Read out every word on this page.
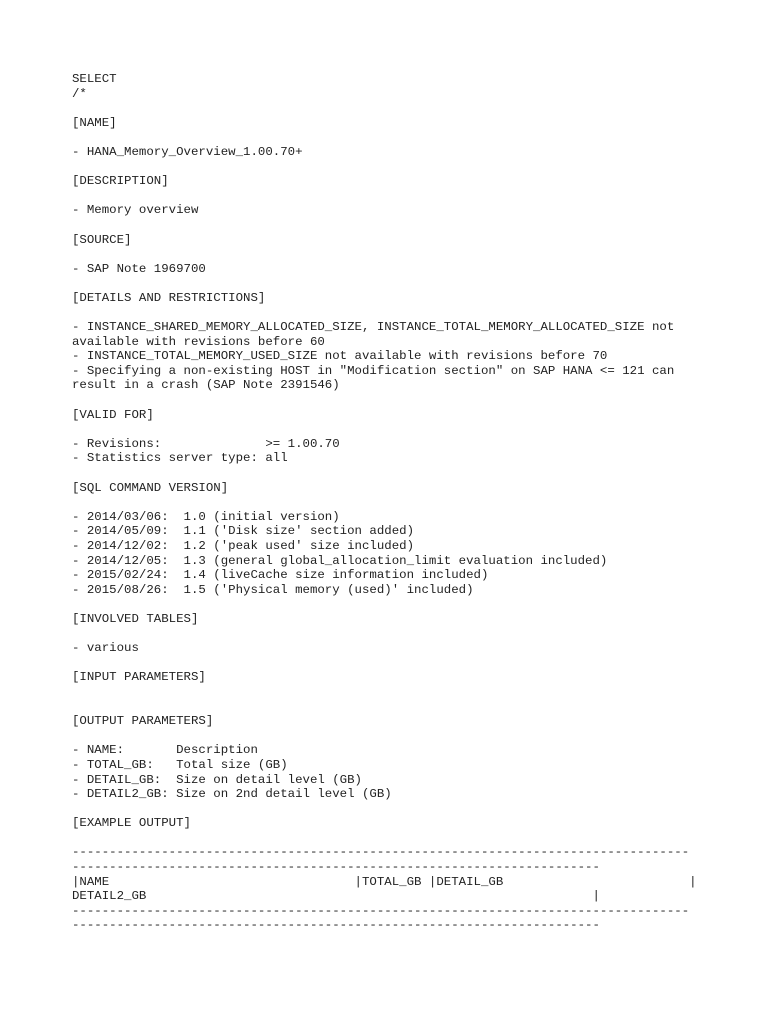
SELECT
/*
[NAME]
- HANA_Memory_Overview_1.00.70+
[DESCRIPTION]
- Memory overview
[SOURCE]
- SAP Note 1969700
[DETAILS AND RESTRICTIONS]
- INSTANCE_SHARED_MEMORY_ALLOCATED_SIZE, INSTANCE_TOTAL_MEMORY_ALLOCATED_SIZE not
available with revisions before 60
- INSTANCE_TOTAL_MEMORY_USED_SIZE not available with revisions before 70
- Specifying a non-existing HOST in "Modification section" on SAP HANA <= 121 can
result in a crash (SAP Note 2391546)
[VALID FOR]
- Revisions:              >= 1.00.70
- Statistics server type: all
[SQL COMMAND VERSION]
- 2014/03/06:  1.0 (initial version)
- 2014/05/09:  1.1 ('Disk size' section added)
- 2014/12/02:  1.2 ('peak used' size included)
- 2014/12/05:  1.3 (general global_allocation_limit evaluation included)
- 2015/02/24:  1.4 (liveCache size information included)
- 2015/08/26:  1.5 ('Physical memory (used)' included)
[INVOLVED TABLES]
- various
[INPUT PARAMETERS]
[OUTPUT PARAMETERS]
- NAME:       Description
- TOTAL_GB:   Total size (GB)
- DETAIL_GB:  Size on detail level (GB)
- DETAIL2_GB: Size on 2nd detail level (GB)
[EXAMPLE OUTPUT]
-----------------------------------------------------------------------------------
-----------------------------------------------------------------------
|NAME                                 |TOTAL_GB |DETAIL_GB                         |
DETAIL2_GB                                                            |
-----------------------------------------------------------------------------------
-----------------------------------------------------------------------
